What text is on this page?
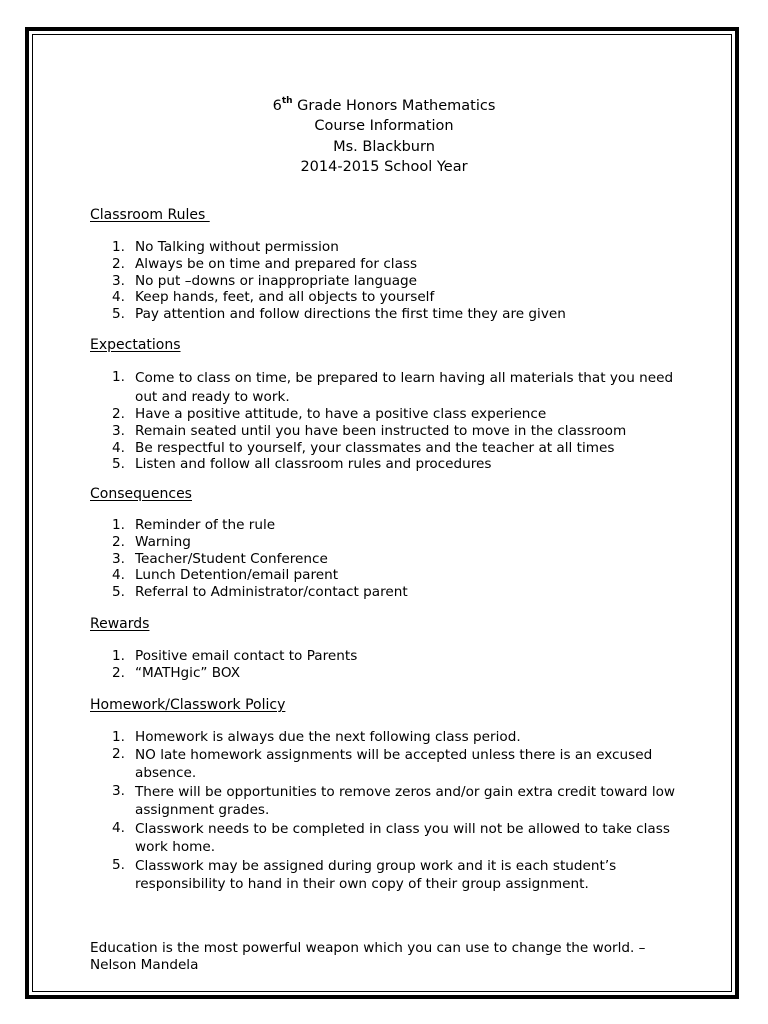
6th Grade Honors Mathematics
Course Information
Ms. Blackburn
2014-2015 School Year
Classroom Rules
1. No Talking without permission
2. Always be on time and prepared for class
3. No put –downs or inappropriate language
4. Keep hands, feet, and all objects to yourself
5. Pay attention and follow directions the first time they are given
Expectations
1. Come to class on time, be prepared to learn having all materials that you need out and ready to work.
2. Have a positive attitude, to have a positive class experience
3. Remain seated until you have been instructed to move in the classroom
4. Be respectful to yourself, your classmates and the teacher at all times
5. Listen and follow all classroom rules and procedures
Consequences
1. Reminder of the rule
2. Warning
3. Teacher/Student Conference
4. Lunch Detention/email parent
5. Referral to Administrator/contact parent
Rewards
1. Positive email contact to Parents
2. “MATHgic” BOX
Homework/Classwork Policy
1. Homework is always due the next following class period.
2. NO late homework assignments will be accepted unless there is an excused absence.
3. There will be opportunities to remove zeros and/or gain extra credit toward low assignment grades.
4. Classwork needs to be completed in class you will not be allowed to take class work home.
5. Classwork may be assigned during group work and it is each student’s responsibility to hand in their own copy of their group assignment.
Education is the most powerful weapon which you can use to change the world. –
Nelson Mandela
